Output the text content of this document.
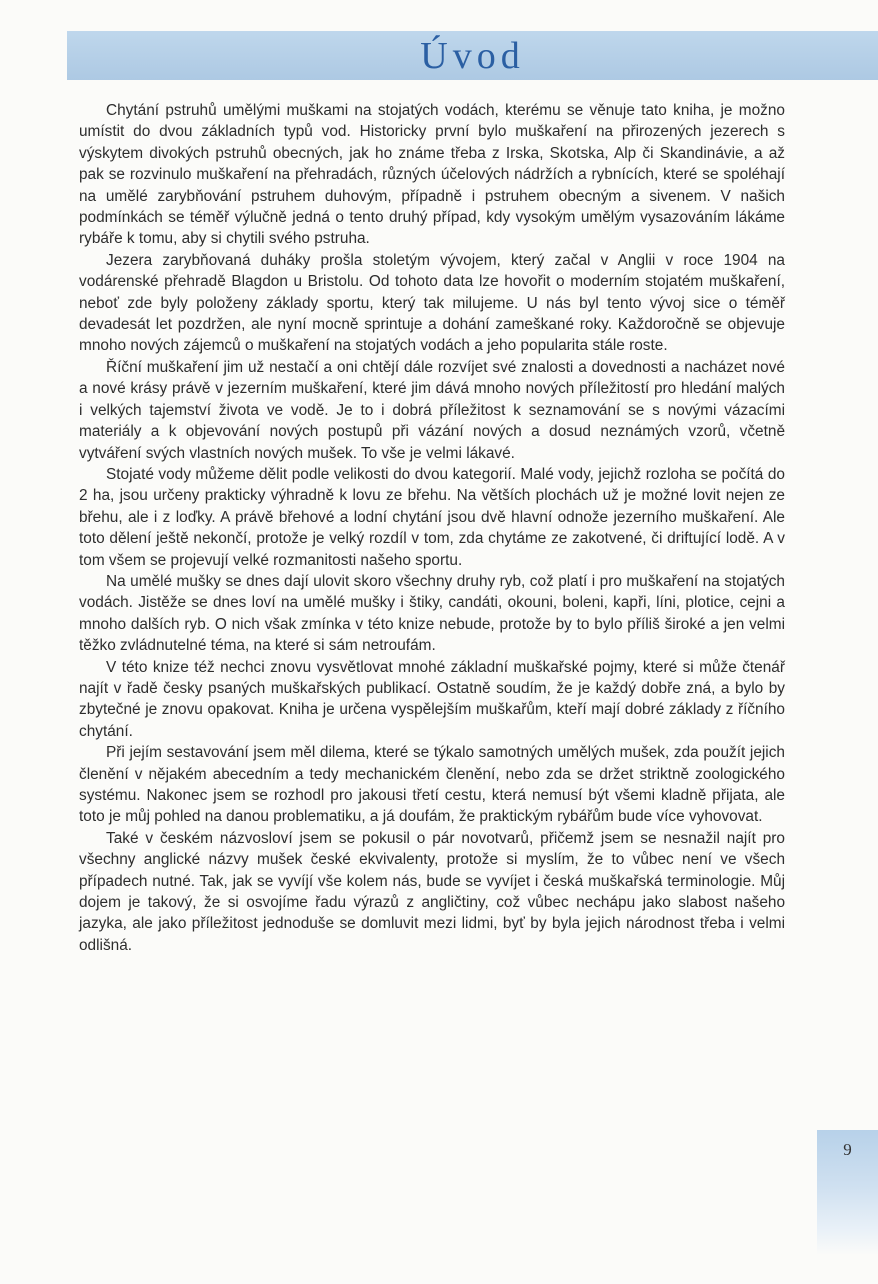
Úvod

Chytání pstruhů umělými muškami na stojatých vodách, kterému se věnuje tato kniha, je možno umístit do dvou základních typů vod. Historicky první bylo muškaření na přirozených jezerech s výskytem divokých pstruhů obecných, jak ho známe třeba z Irska, Skotska, Alp či Skandinávie, a až pak se rozvinulo muškaření na přehradách, různých účelových nádržích a rybnících, které se spoléhají na umělé zarybňování pstruhem duhovým, případně i pstruhem obecným a sivenem. V našich podmínkách se téměř výlučně jedná o tento druhý případ, kdy vysokým umělým vysazováním lákáme rybáře k tomu, aby si chytili svého pstruha.

Jezera zarybňovaná duháky prošla stoletým vývojem, který začal v Anglii v roce 1904 na vodárenské přehradě Blagdon u Bristolu. Od tohoto data lze hovořit o moderním stojatém muškaření, neboť zde byly položeny základy sportu, který tak milujeme. U nás byl tento vývoj sice o téměř devadesát let pozdržen, ale nyní mocně sprintuje a dohání zameškané roky. Každoročně se objevuje mnoho nových zájemců o muškaření na stojatých vodách a jeho popularita stále roste.

Říční muškaření jim už nestačí a oni chtějí dále rozvíjet své znalosti a dovednosti a nacházet nové a nové krásy právě v jezerním muškaření, které jim dává mnoho nových příležitostí pro hledání malých i velkých tajemství života ve vodě. Je to i dobrá příležitost k seznamování se s novými vázacími materiály a k objevování nových postupů při vázání nových a dosud neznámých vzorů, včetně vytváření svých vlastních nových mušek. To vše je velmi lákavé.

Stojaté vody můžeme dělit podle velikosti do dvou kategorií. Malé vody, jejichž rozloha se počítá do 2 ha, jsou určeny prakticky výhradně k lovu ze břehu. Na větších plochách už je možné lovit nejen ze břehu, ale i z loďky. A právě břehové a lodní chytání jsou dvě hlavní odnože jezerního muškaření. Ale toto dělení ještě nekončí, protože je velký rozdíl v tom, zda chytáme ze zakotvené, či driftující lodě. A v tom všem se projevují velké rozmanitosti našeho sportu.

Na umělé mušky se dnes dají ulovit skoro všechny druhy ryb, což platí i pro muškaření na stojatých vodách. Jistěže se dnes loví na umělé mušky i štiky, candáti, okouni, boleni, kapři, líni, plotice, cejni a mnoho dalších ryb. O nich však zmínka v této knize nebude, protože by to bylo příliš široké a jen velmi těžko zvládnutelné téma, na které si sám netroufám.

V této knize též nechci znovu vysvětlovat mnohé základní muškařské pojmy, které si může čtenář najít v řadě česky psaných muškařských publikací. Ostatně soudím, že je každý dobře zná, a bylo by zbytečné je znovu opakovat. Kniha je určena vyspělejším muškařům, kteří mají dobré základy z říčního chytání.

Při jejím sestavování jsem měl dilema, které se týkalo samotných umělých mušek, zda použít jejich členění v nějakém abecedním a tedy mechanickém členění, nebo zda se držet striktně zoologického systému. Nakonec jsem se rozhodl pro jakousi třetí cestu, která nemusí být všemi kladně přijata, ale toto je můj pohled na danou problematiku, a já doufám, že praktickým rybářům bude více vyhovovat.

Také v českém názvosloví jsem se pokusil o pár novotvarů, přičemž jsem se nesnažil najít pro všechny anglické názvy mušek české ekvivalenty, protože si myslím, že to vůbec není ve všech případech nutné. Tak, jak se vyvíjí vše kolem nás, bude se vyvíjet i česká muškařská terminologie. Můj dojem je takový, že si osvojíme řadu výrazů z angličtiny, což vůbec nechápu jako slabost našeho jazyka, ale jako příležitost jednoduše se domluvit mezi lidmi, byť by byla jejich národnost třeba i velmi odlišná.

9
